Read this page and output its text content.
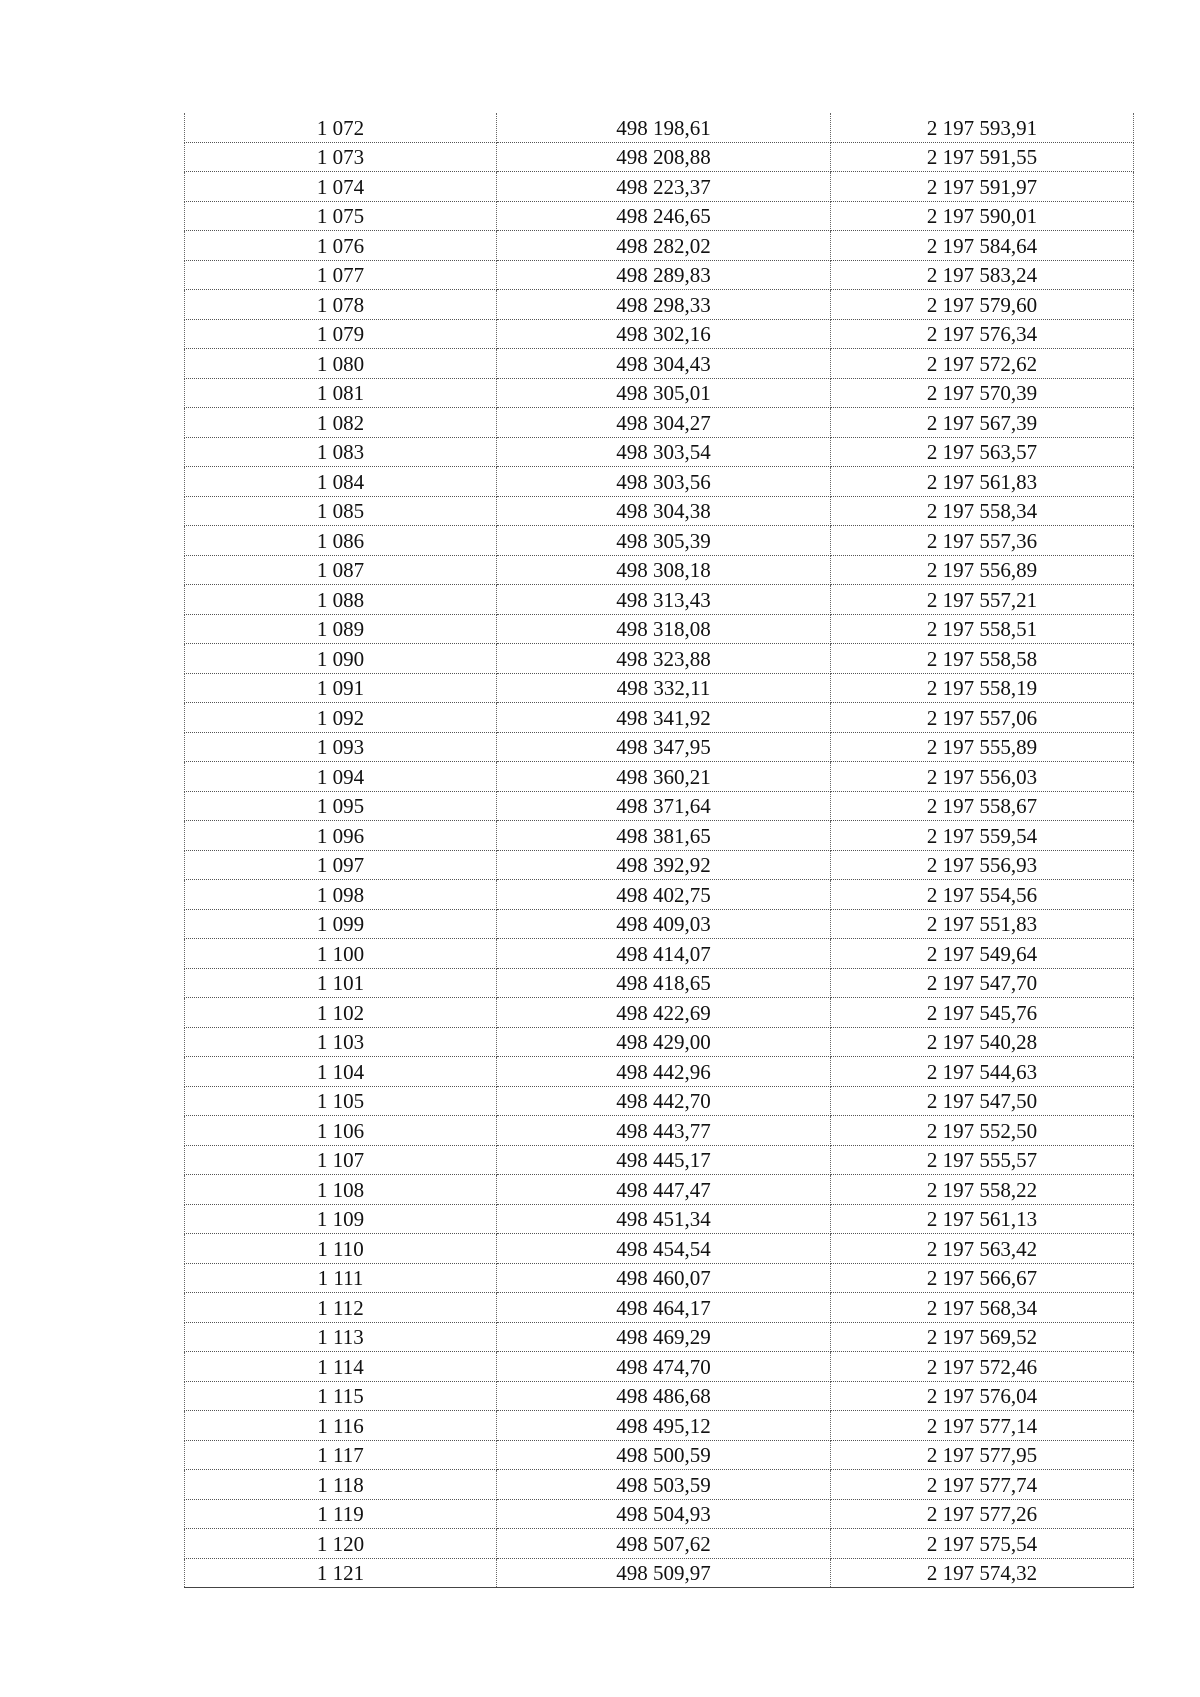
1 072	498 198,61	2 197 593,91
1 073	498 208,88	2 197 591,55
1 074	498 223,37	2 197 591,97
1 075	498 246,65	2 197 590,01
1 076	498 282,02	2 197 584,64
1 077	498 289,83	2 197 583,24
1 078	498 298,33	2 197 579,60
1 079	498 302,16	2 197 576,34
1 080	498 304,43	2 197 572,62
1 081	498 305,01	2 197 570,39
1 082	498 304,27	2 197 567,39
1 083	498 303,54	2 197 563,57
1 084	498 303,56	2 197 561,83
1 085	498 304,38	2 197 558,34
1 086	498 305,39	2 197 557,36
1 087	498 308,18	2 197 556,89
1 088	498 313,43	2 197 557,21
1 089	498 318,08	2 197 558,51
1 090	498 323,88	2 197 558,58
1 091	498 332,11	2 197 558,19
1 092	498 341,92	2 197 557,06
1 093	498 347,95	2 197 555,89
1 094	498 360,21	2 197 556,03
1 095	498 371,64	2 197 558,67
1 096	498 381,65	2 197 559,54
1 097	498 392,92	2 197 556,93
1 098	498 402,75	2 197 554,56
1 099	498 409,03	2 197 551,83
1 100	498 414,07	2 197 549,64
1 101	498 418,65	2 197 547,70
1 102	498 422,69	2 197 545,76
1 103	498 429,00	2 197 540,28
1 104	498 442,96	2 197 544,63
1 105	498 442,70	2 197 547,50
1 106	498 443,77	2 197 552,50
1 107	498 445,17	2 197 555,57
1 108	498 447,47	2 197 558,22
1 109	498 451,34	2 197 561,13
1 110	498 454,54	2 197 563,42
1 111	498 460,07	2 197 566,67
1 112	498 464,17	2 197 568,34
1 113	498 469,29	2 197 569,52
1 114	498 474,70	2 197 572,46
1 115	498 486,68	2 197 576,04
1 116	498 495,12	2 197 577,14
1 117	498 500,59	2 197 577,95
1 118	498 503,59	2 197 577,74
1 119	498 504,93	2 197 577,26
1 120	498 507,62	2 197 575,54
1 121	498 509,97	2 197 574,32
